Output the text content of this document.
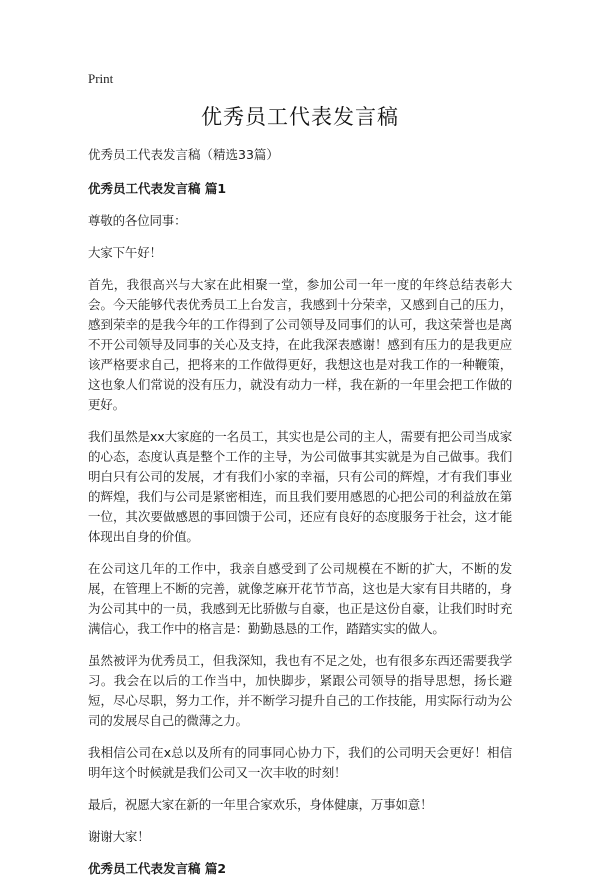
Print
优秀员工代表发言稿

优秀员工代表发言稿（精选33篇）

优秀员工代表发言稿 篇1

尊敬的各位同事：

大家下午好！

首先，我很高兴与大家在此相聚一堂，参加公司一年一度的年终总结表彰大会。今天能够代表优秀员工上台发言，我感到十分荣幸，又感到自己的压力，感到荣幸的是我今年的工作得到了公司领导及同事们的认可，我这荣誉也是离不开公司领导及同事的关心及支持，在此我深表感谢！感到有压力的是我更应该严格要求自己，把将来的工作做得更好，我想这也是对我工作的一种鞭策，这也象人们常说的没有压力，就没有动力一样，我在新的一年里会把工作做的更好。

我们虽然是xx大家庭的一名员工，其实也是公司的主人，需要有把公司当成家的心态，态度认真是整个工作的主导，为公司做事其实就是为自己做事。我们明白只有公司的发展，才有我们小家的幸福，只有公司的辉煌，才有我们事业的辉煌，我们与公司是紧密相连，而且我们要用感恩的心把公司的利益放在第一位，其次要做感恩的事回馈于公司，还应有良好的态度服务于社会，这才能体现出自身的价值。

在公司这几年的工作中，我亲自感受到了公司规模在不断的扩大，不断的发展，在管理上不断的完善，就像芝麻开花节节高，这也是大家有目共睹的，身为公司其中的一员，我感到无比骄傲与自豪，也正是这份自豪，让我们时时充满信心，我工作中的格言是：勤勤恳恳的工作，踏踏实实的做人。

虽然被评为优秀员工，但我深知，我也有不足之处，也有很多东西还需要我学习。我会在以后的工作当中，加快脚步，紧跟公司领导的指导思想，扬长避短，尽心尽职，努力工作，并不断学习提升自己的工作技能，用实际行动为公司的发展尽自己的微薄之力。

我相信公司在x总以及所有的同事同心协力下，我们的公司明天会更好！相信明年这个时候就是我们公司又一次丰收的时刻！

最后，祝愿大家在新的一年里合家欢乐，身体健康，万事如意！

谢谢大家！

优秀员工代表发言稿 篇2
